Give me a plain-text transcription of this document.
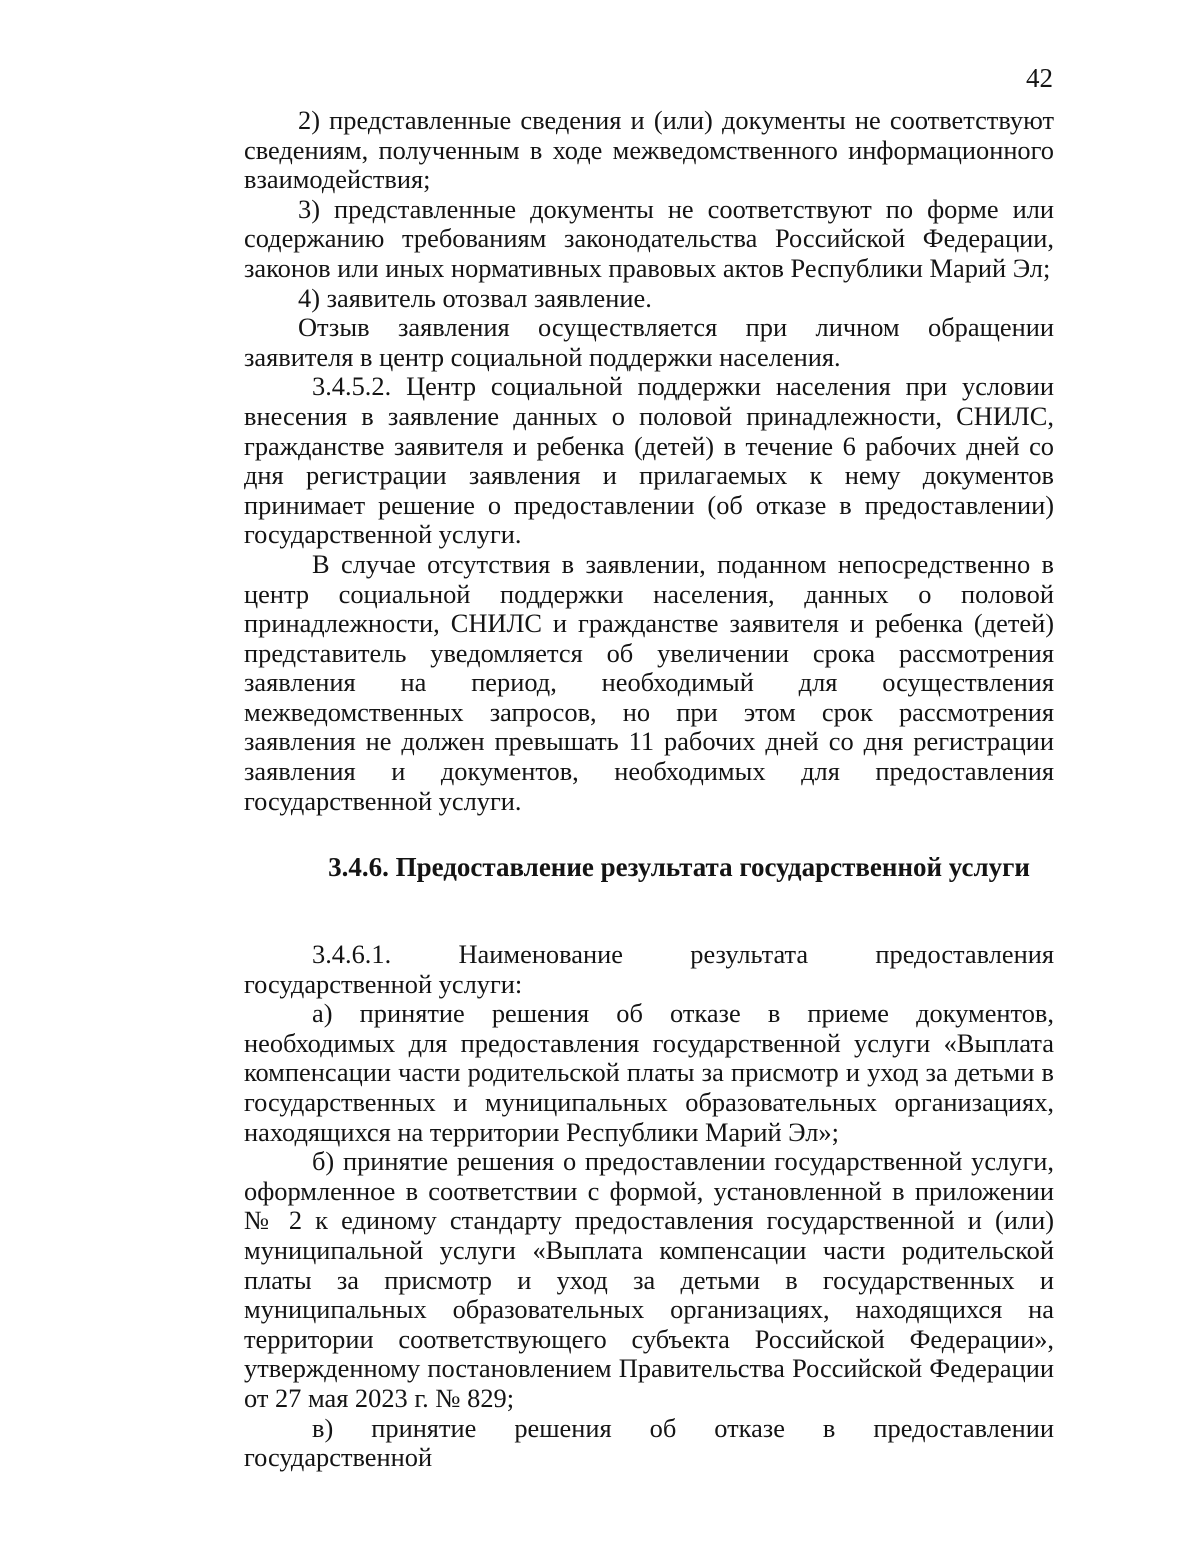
42

2) представленные сведения и (или) документы не соответствуют сведениям, полученным в ходе межведомственного информационного взаимодействия;

3) представленные документы не соответствуют по форме или содержанию требованиям законодательства Российской Федерации, законов или иных нормативных правовых актов Республики Марий Эл;

4) заявитель отозвал заявление.

Отзыв заявления осуществляется при личном обращении заявителя в центр социальной поддержки населения.

3.4.5.2. Центр социальной поддержки населения при условии внесения в заявление данных о половой принадлежности, СНИЛС, гражданстве заявителя и ребенка (детей) в течение 6 рабочих дней со дня регистрации заявления и прилагаемых к нему документов принимает решение о предоставлении (об отказе в предоставлении) государственной услуги.

В случае отсутствия в заявлении, поданном непосредственно в центр социальной поддержки населения, данных о половой принадлежности, СНИЛС и гражданстве заявителя и ребенка (детей) представитель уведомляется об увеличении срока рассмотрения заявления на период, необходимый для осуществления межведомственных запросов, но при этом срок рассмотрения заявления не должен превышать 11 рабочих дней со дня регистрации заявления и документов, необходимых для предоставления государственной услуги.

3.4.6. Предоставление результата государственной услуги

3.4.6.1. Наименование результата предоставления государственной услуги:

а) принятие решения об отказе в приеме документов, необходимых для предоставления государственной услуги «Выплата компенсации части родительской платы за присмотр и уход за детьми в государственных и муниципальных образовательных организациях, находящихся на территории Республики Марий Эл»;

б) принятие решения о предоставлении государственной услуги, оформленное в соответствии с формой, установленной в приложении № 2 к единому стандарту предоставления государственной и (или) муниципальной услуги «Выплата компенсации части родительской платы за присмотр и уход за детьми в государственных и муниципальных образовательных организациях, находящихся на территории соответствующего субъекта Российской Федерации», утвержденному постановлением Правительства Российской Федерации от 27 мая 2023 г. № 829;

в) принятие решения об отказе в предоставлении государственной
